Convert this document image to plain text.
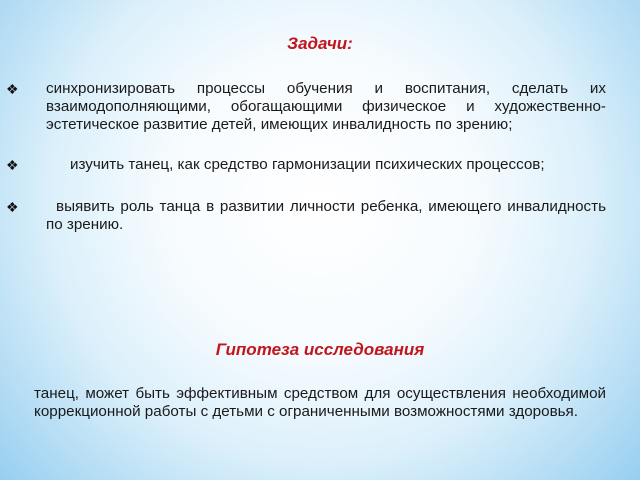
Задачи:
❖ синхронизировать процессы обучения и воспитания, сделать их взаимодополняющими, обогащающими физическое и художественно-эстетическое развитие детей, имеющих инвалидность по зрению;
❖	изучить танец, как средство гармонизации психических процессов;
❖ выявить роль танца в развитии личности ребенка, имеющего инвалидность по зрению.
Гипотеза исследования

танец, может быть эффективным средством для осуществления необходимой коррекционной работы с детьми с ограниченными возможностями здоровья.
